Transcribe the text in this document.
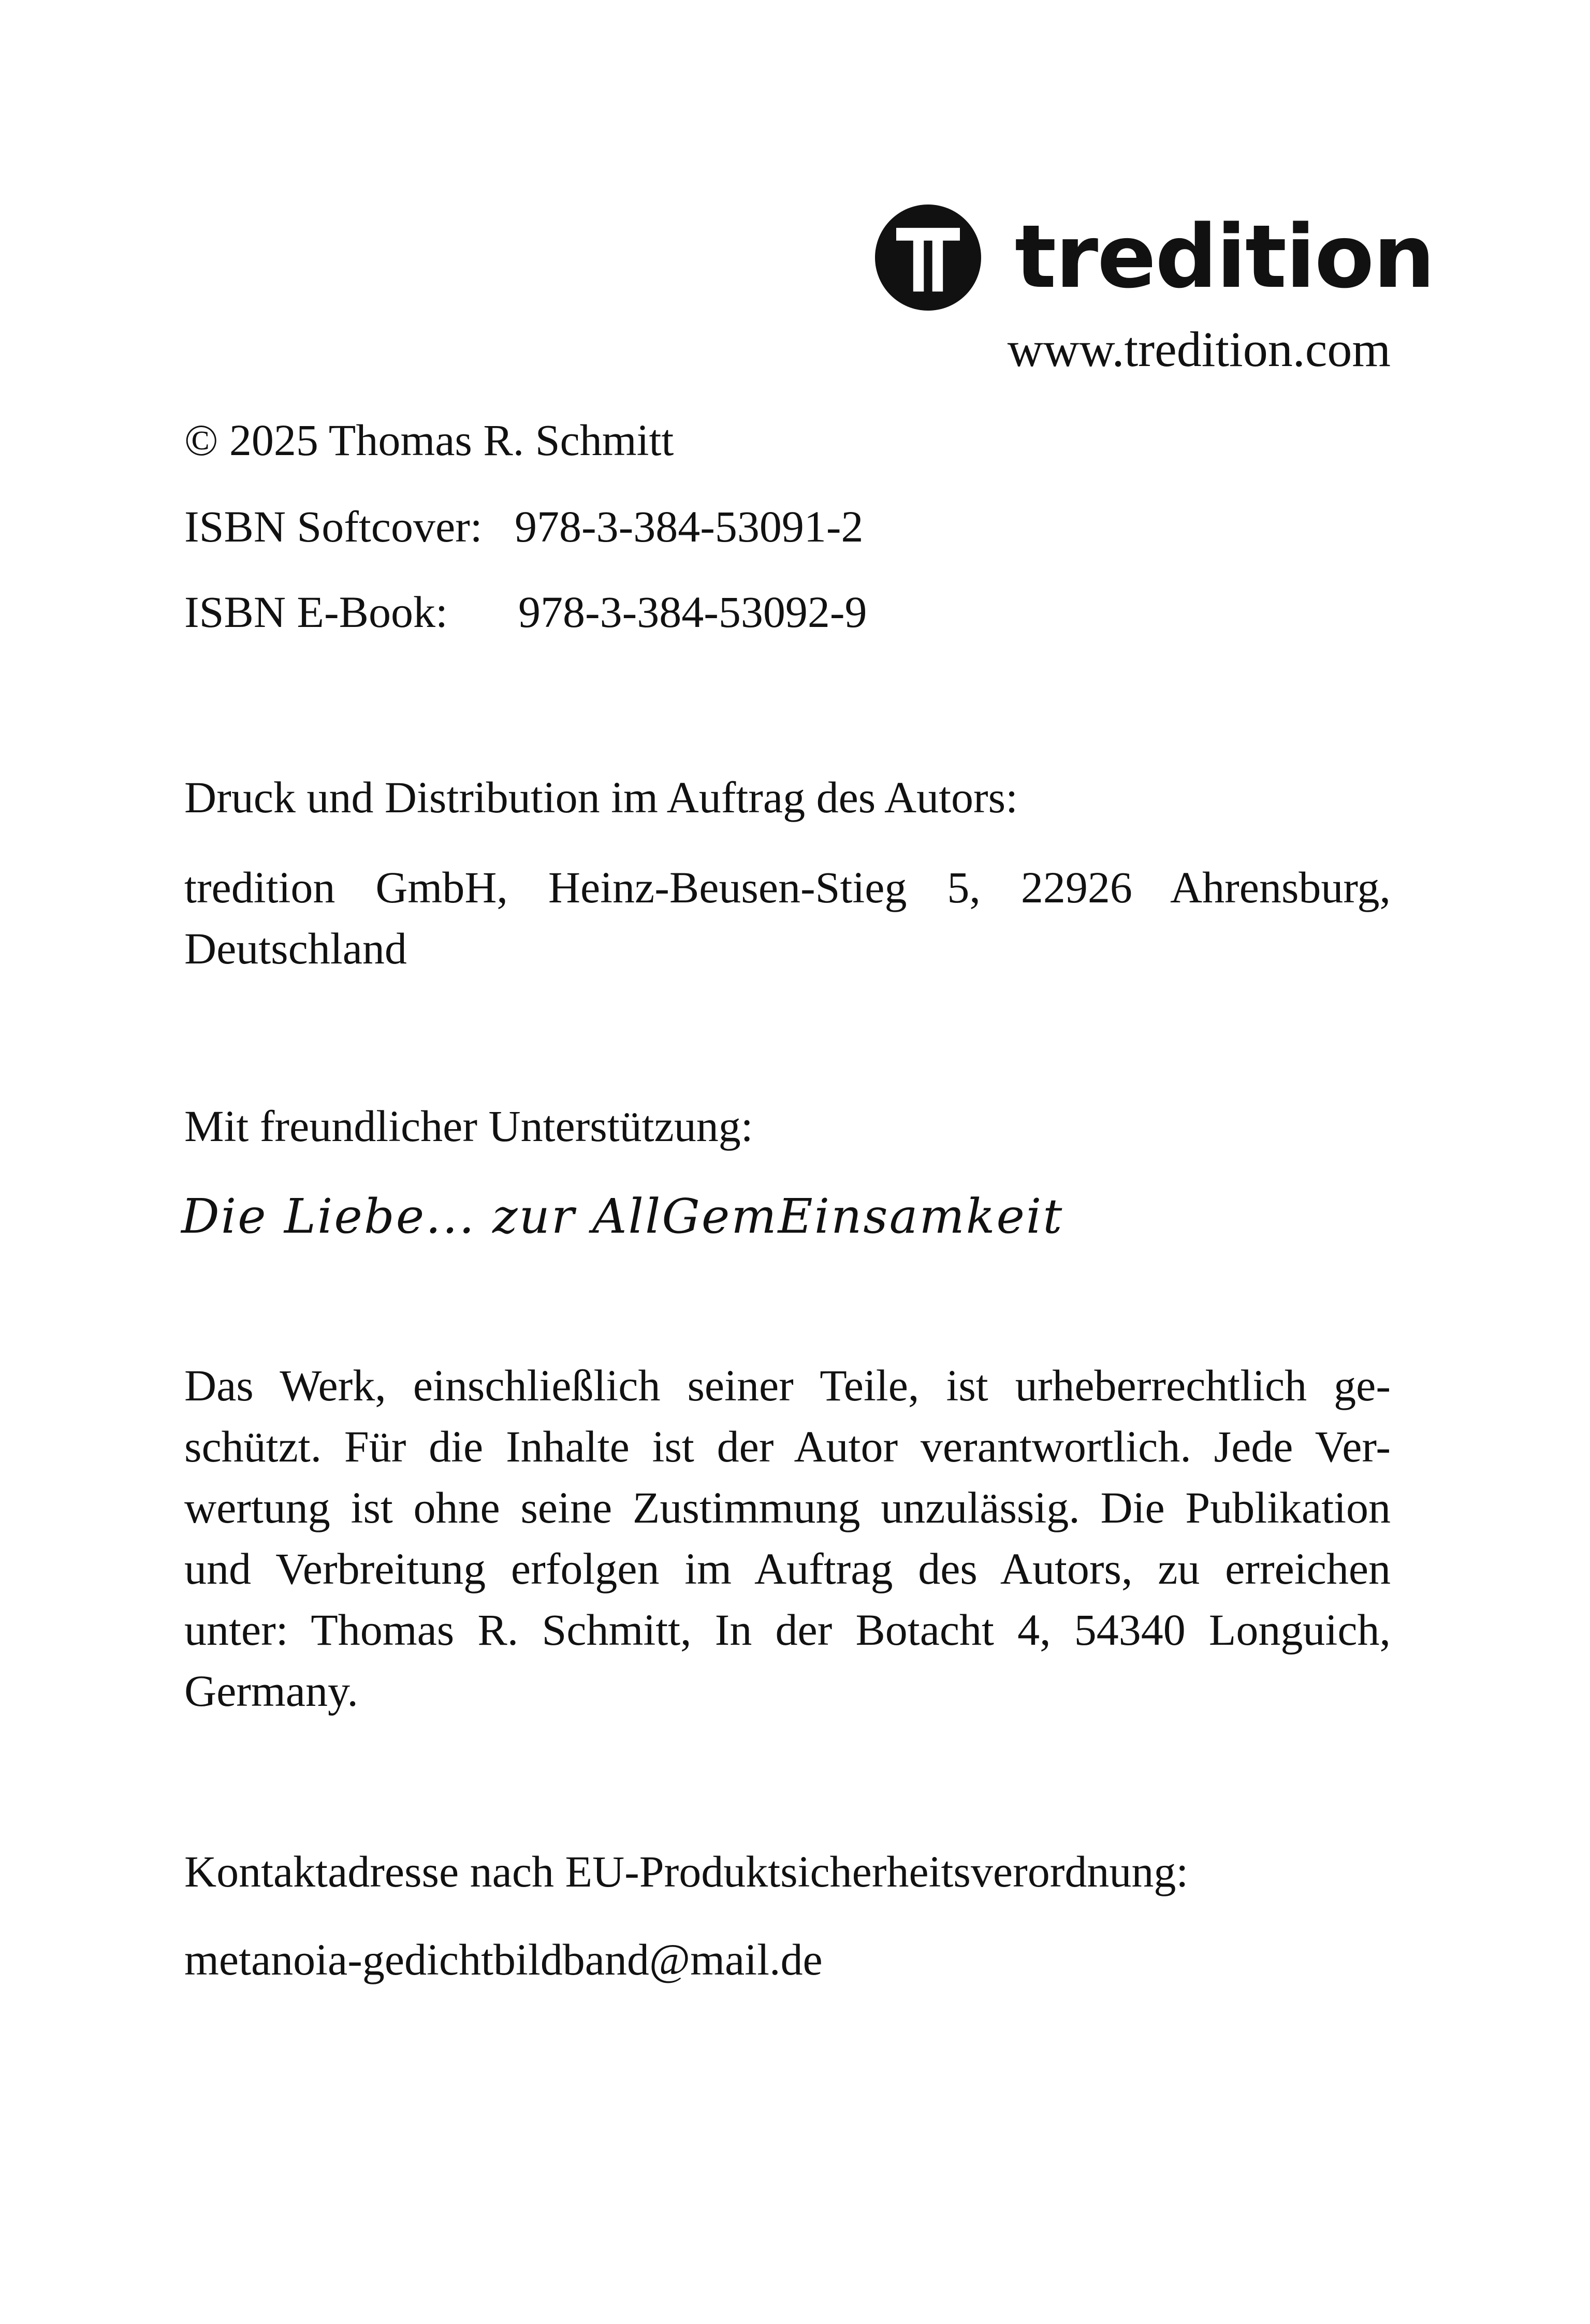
tredition
www.tredition.com
© 2025 Thomas R. Schmitt
ISBN Softcover: 978-3-384-53091-2
ISBN E-Book: 978-3-384-53092-9
Druck und Distribution im Auftrag des Autors:
tredition GmbH, Heinz-Beusen-Stieg 5, 22926 Ahrensburg, Deutschland
Mit freundlicher Unterstützung:
Die Liebe... zur AllGemEinsamkeit
Das Werk, einschließlich seiner Teile, ist urheberrechtlich ge-schützt. Für die Inhalte ist der Autor verantwortlich. Jede Ver-wertung ist ohne seine Zustimmung unzulässig. Die Publikation und Verbreitung erfolgen im Auftrag des Autors, zu erreichen unter: Thomas R. Schmitt, In der Botacht 4, 54340 Longuich, Germany.
Kontaktadresse nach EU-Produktsicherheitsverordnung:
metanoia-gedichtbildband@mail.de
